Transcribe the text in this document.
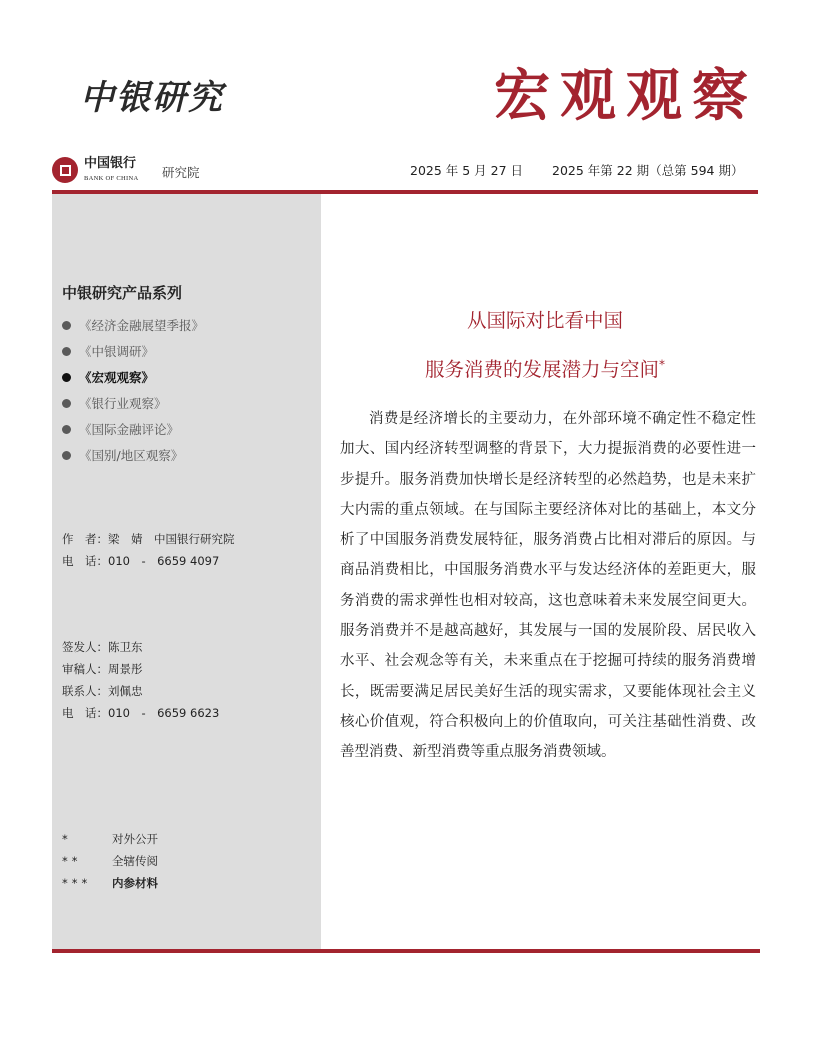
中银研究	宏观观察
中国银行
BANK OF CHINA 研究院	2025 年 5 月 27 日 2025 年第 22 期（总第 594 期）
中银研究产品系列
《经济金融展望季报》
《中银调研》
《宏观观察》
《银行业观察》
《国际金融评论》
《国别/地区观察》
作　者： 梁　婧　中国银行研究院
电　话： 010　-　6659 4097
签发人： 陈卫东
审稿人： 周景彤
联系人： 刘佩忠
电　话： 010　-　6659 6623
*	对外公开
**	全辖传阅
***	内参材料
从国际对比看中国
服务消费的发展潜力与空间*

消费是经济增长的主要动力，在外部环境不确定性不稳定性加大、国内经济转型调整的背景下，大力提振消费的必要性进一步提升。服务消费加快增长是经济转型的必然趋势，也是未来扩大内需的重点领域。在与国际主要经济体对比的基础上，本文分析了中国服务消费发展特征，服务消费占比相对滞后的原因。与商品消费相比，中国服务消费水平与发达经济体的差距更大，服务消费的需求弹性也相对较高，这也意味着未来发展空间更大。服务消费并不是越高越好，其发展与一国的发展阶段、居民收入水平、社会观念等有关，未来重点在于挖掘可持续的服务消费增长，既需要满足居民美好生活的现实需求，又要能体现社会主义核心价值观，符合积极向上的价值取向，可关注基础性消费、改善型消费、新型消费等重点服务消费领域。
